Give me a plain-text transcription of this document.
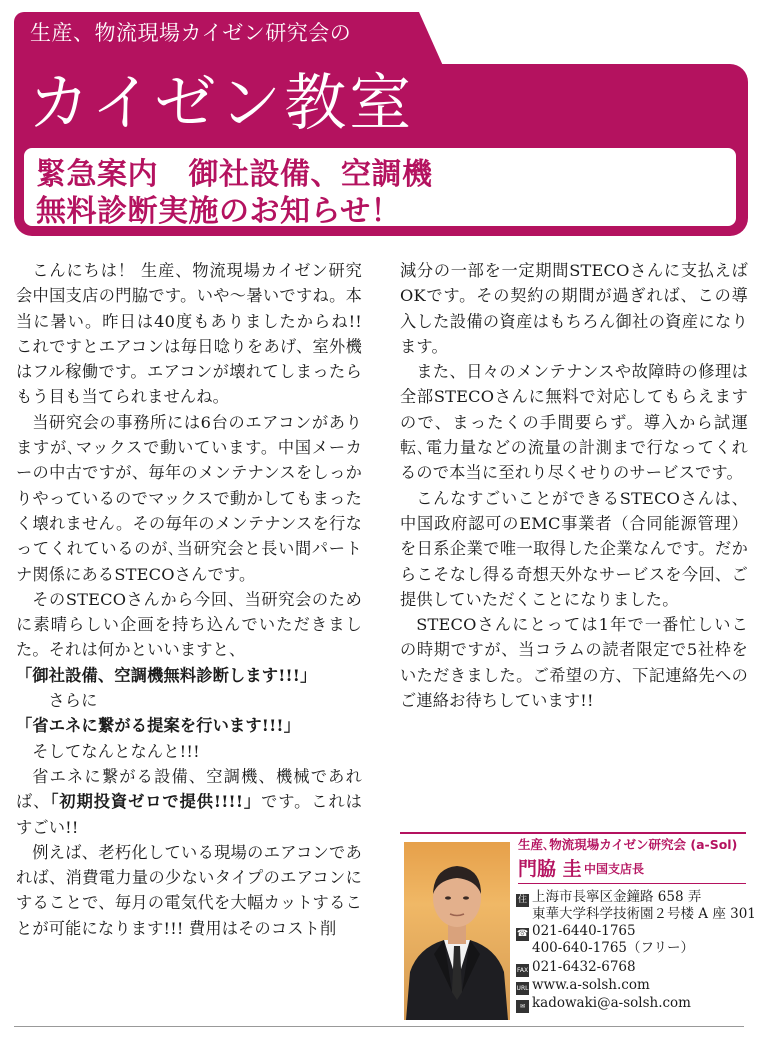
生産、物流現場カイゼン研究会の
カイゼン教室
緊急案内　御社設備、空調機
無料診断実施のお知らせ！

こんにちは！ 生産、物流現場カイゼン研究会中国支店の門脇です。いや～暑いですね。本当に暑い。昨日は40度もありましたからね!! これですとエアコンは毎日唸りをあげ、室外機はフル稼働です。エアコンが壊れてしまったらもう目も当てられませんね。

当研究会の事務所には6台のエアコンがありますが､マックスで動いています。中国メーカーの中古ですが、毎年のメンテナンスをしっかりやっているのでマックスで動かしてもまったく壊れません。その毎年のメンテナンスを行なってくれているのが､当研究会と長い間パートナ関係にあるSTECOさんです。

そのSTECOさんから今回、当研究会のために素晴らしい企画を持ち込んでいただきました。それは何かといいますと、

「御社設備、空調機無料診断します!!!」

さらに

「省エネに繋がる提案を行います!!!」

そしてなんとなんと!!!

省エネに繋がる設備、空調機、機械であれば、「初期投資ゼロで提供!!!!」です。これはすごい!!

例えば、老朽化している現場のエアコンであれば、消費電力量の少ないタイプのエアコンにすることで、毎月の電気代を大幅カットすることが可能になります!!! 費用はそのコスト削

減分の一部を一定期間STECOさんに支払えばOKです。その契約の期間が過ぎれば、この導入した設備の資産はもちろん御社の資産になります。

また、日々のメンテナンスや故障時の修理は全部STECOさんに無料で対応してもらえますので、まったくの手間要らず。導入から試運転､電力量などの流量の計測まで行なってくれるので本当に至れり尽くせりのサービスです。

こんなすごいことができるSTECOさんは、中国政府認可のEMC事業者（合同能源管理）を日系企業で唯一取得した企業なんです。だからこそなし得る奇想天外なサービスを今回、ご提供していただくことになりました。

STECOさんにとっては1年で一番忙しいこの時期ですが、当コラムの読者限定で5社枠をいただきました。ご希望の方、下記連絡先へのご連絡お待ちしています!!

生産､物流現場カイゼン研究会 (a-Sol)
門脇 圭 中国支店長
住 上海市長寧区金鐘路 658 弄
東華大学科学技術園２号楼 A 座 301
☎ 021-6440-1765
400-640-1765（フリー）
FAX 021-6432-6768
URL www.a-solsh.com
✉ kadowaki@a-solsh.com
